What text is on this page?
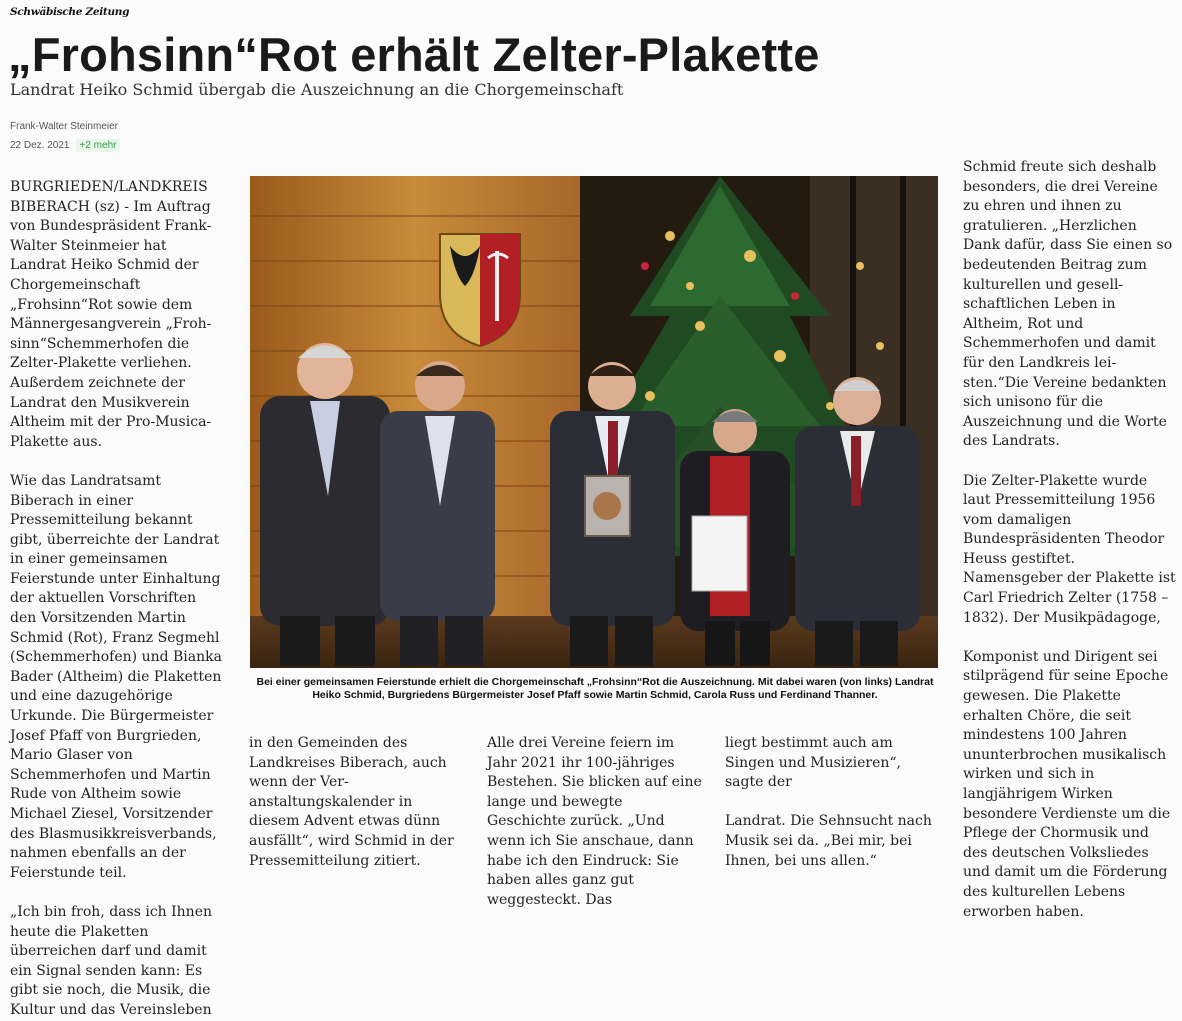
Schwäbische Zeitung
„Frohsinn“Rot erhält Zelter-Plakette
Landrat Heiko Schmid übergab die Auszeichnung an die Chorgemeinschaft
Frank-Walter Steinmeier
22 Dez. 2021	+2 mehr

BURGRIEDEN/LANDKREIS BIBERACH (sz) - Im Auftrag von Bundespräsident Frank-Walter Steinmeier hat Landrat Heiko Schmid der Chorgemeinschaft „Frohsinn“Rot sowie dem Männergesangverein „Frohsinn“Schemmerhofen die Zelter-Plakette verliehen. Außerdem zeichnete der Landrat den Musikverein Altheim mit der Pro-Musica-Plakette aus.

Wie das Landratsamt Biberach in einer Pressemitteilung bekannt gibt, überreichte der Landrat in einer gemeinsamen Feierstunde unter Einhaltung der aktuellen Vorschriften den Vorsitzenden Martin Schmid (Rot), Franz Segmehl (Schemmerhofen) und Bianka Bader (Altheim) die Plaketten und eine dazugehörige Urkunde. Die Bürgermeister Josef Pfaff von Burgrieden, Mario Glaser von Schemmerhofen und Martin Rude von Altheim sowie Michael Ziesel, Vorsitzender des Blasmusikkreisverbands, nahmen ebenfalls an der Feierstunde teil.

„Ich bin froh, dass ich Ihnen heute die Plaketten überreichen darf und damit ein Signal senden kann: Es gibt sie noch, die Musik, die Kultur und das Vereinsleben

Bei einer gemeinsamen Feierstunde erhielt die Chorgemeinschaft „Frohsinn“Rot die Auszeichnung. Mit dabei waren (von links) Landrat Heiko Schmid, Burgriedens Bürgermeister Josef Pfaff sowie Martin Schmid, Carola Russ und Ferdinand Thanner.

in den Gemeinden des Landkreises Biberach, auch wenn der Veranstaltungskalender in diesem Advent etwas dünn ausfällt“, wird Schmid in der Pressemitteilung zitiert.

Alle drei Vereine feiern im Jahr 2021 ihr 100-jähriges Bestehen. Sie blicken auf eine lange und bewegte Geschichte zurück. „Und wenn ich Sie anschaue, dann habe ich den Eindruck: Sie haben alles ganz gut weggesteckt. Das

liegt bestimmt auch am Singen und Musizieren“, sagte der

Landrat. Die Sehnsucht nach Musik sei da. „Bei mir, bei Ihnen, bei uns allen.“

Schmid freute sich deshalb besonders, die drei Vereine zu ehren und ihnen zu gratulieren. „Herzlichen Dank dafür, dass Sie einen so bedeutenden Beitrag zum kulturellen und gesellschaftlichen Leben in Altheim, Rot und Schemmerhofen und damit für den Landkreis leisten.“Die Vereine bedankten sich unisono für die Auszeichnung und die Worte des Landrats.

Die Zelter-Plakette wurde laut Pressemitteilung 1956 vom damaligen Bundespräsidenten Theodor Heuss gestiftet. Namensgeber der Plakette ist Carl Friedrich Zelter (1758 – 1832). Der Musikpädagoge,

Komponist und Dirigent sei stilprägend für seine Epoche gewesen. Die Plakette erhalten Chöre, die seit mindestens 100 Jahren ununterbrochen musikalisch wirken und sich in langjährigem Wirken besondere Verdienste um die Pflege der Chormusik und des deutschen Volksliedes und damit um die Förderung des kulturellen Lebens erworben haben.
